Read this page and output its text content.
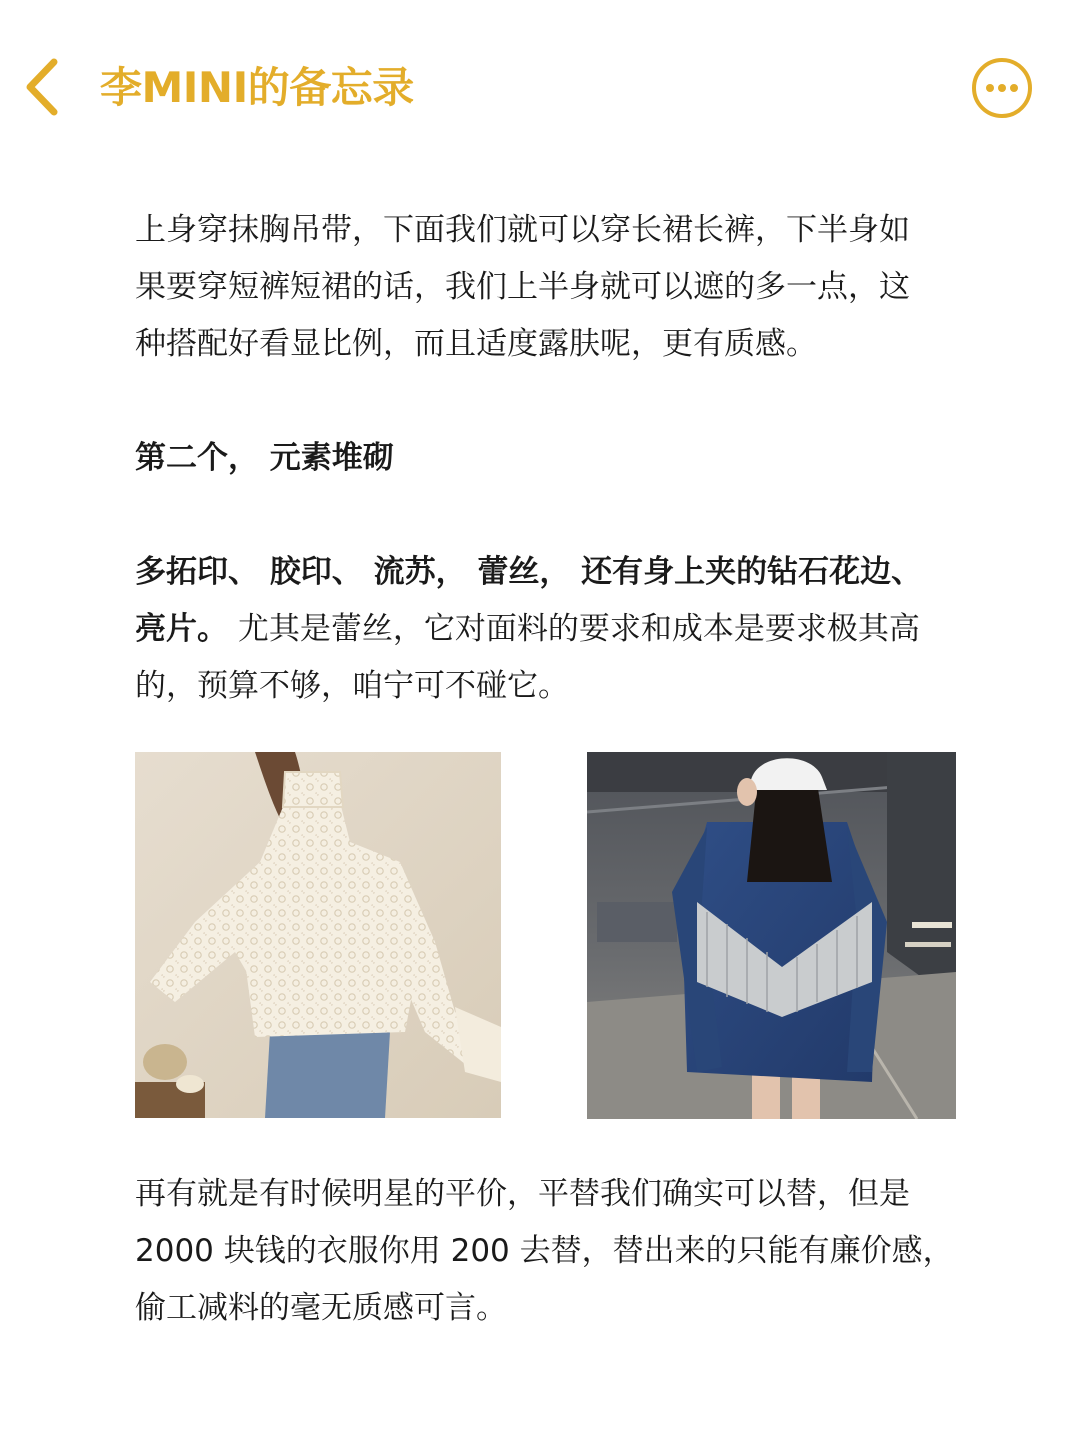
李MINI的备忘录

上身穿抹胸吊带，下面我们就可以穿长裙长裤，下半身如
果要穿短裤短裙的话，我们上半身就可以遮的多一点，这
种搭配好看显比例，而且适度露肤呢，更有质感。

第二个， 元素堆砌

多拓印、 胶印、 流苏， 蕾丝， 还有身上夹的钻石花边、
亮片。 尤其是蕾丝，它对面料的要求和成本是要求极其高
的，预算不够，咱宁可不碰它。

再有就是有时候明星的平价，平替我们确实可以替，但是
2000 块钱的衣服你用 200 去替，替出来的只能有廉价感，
偷工减料的毫无质感可言。
